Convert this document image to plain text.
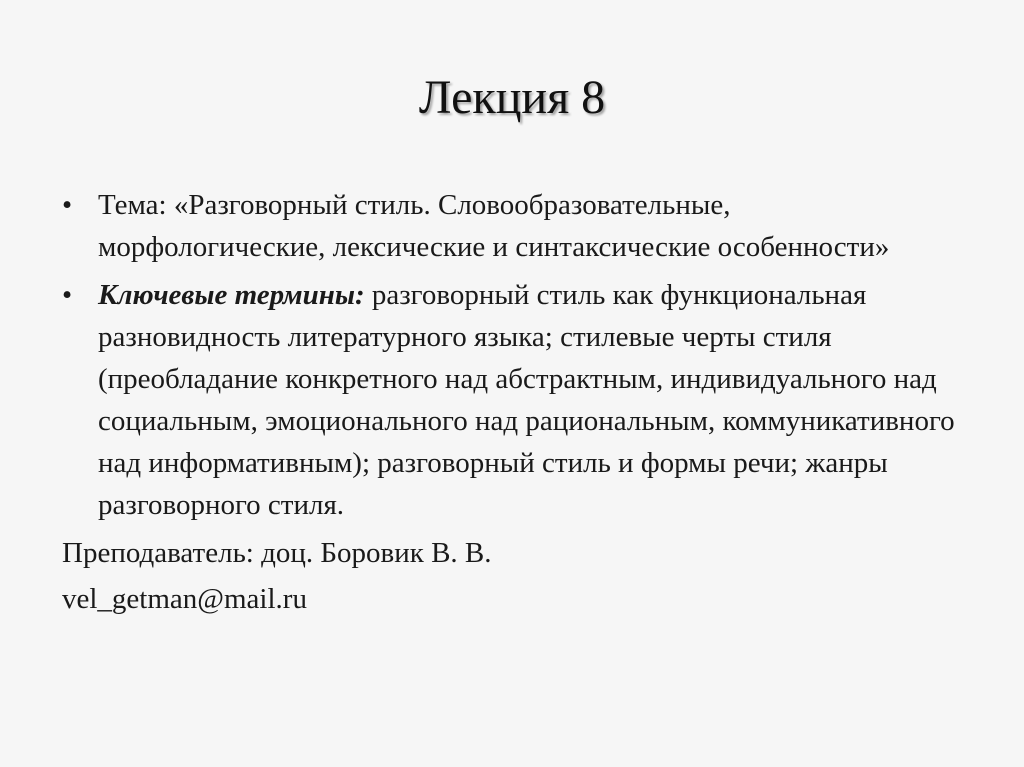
Лекция 8
• Тема: «Разговорный стиль. Словообразовательные, морфологические, лексические и синтаксические особенности»
• Ключевые термины: разговорный стиль как функциональная разновидность литературного языка; стилевые черты стиля (преобладание конкретного над абстрактным, индивидуального над социальным, эмоционального над рациональным, коммуникативного над информативным); разговорный стиль и формы речи; жанры разговорного стиля.
Преподаватель: доц. Боровик В. В.
vel_getman@mail.ru
